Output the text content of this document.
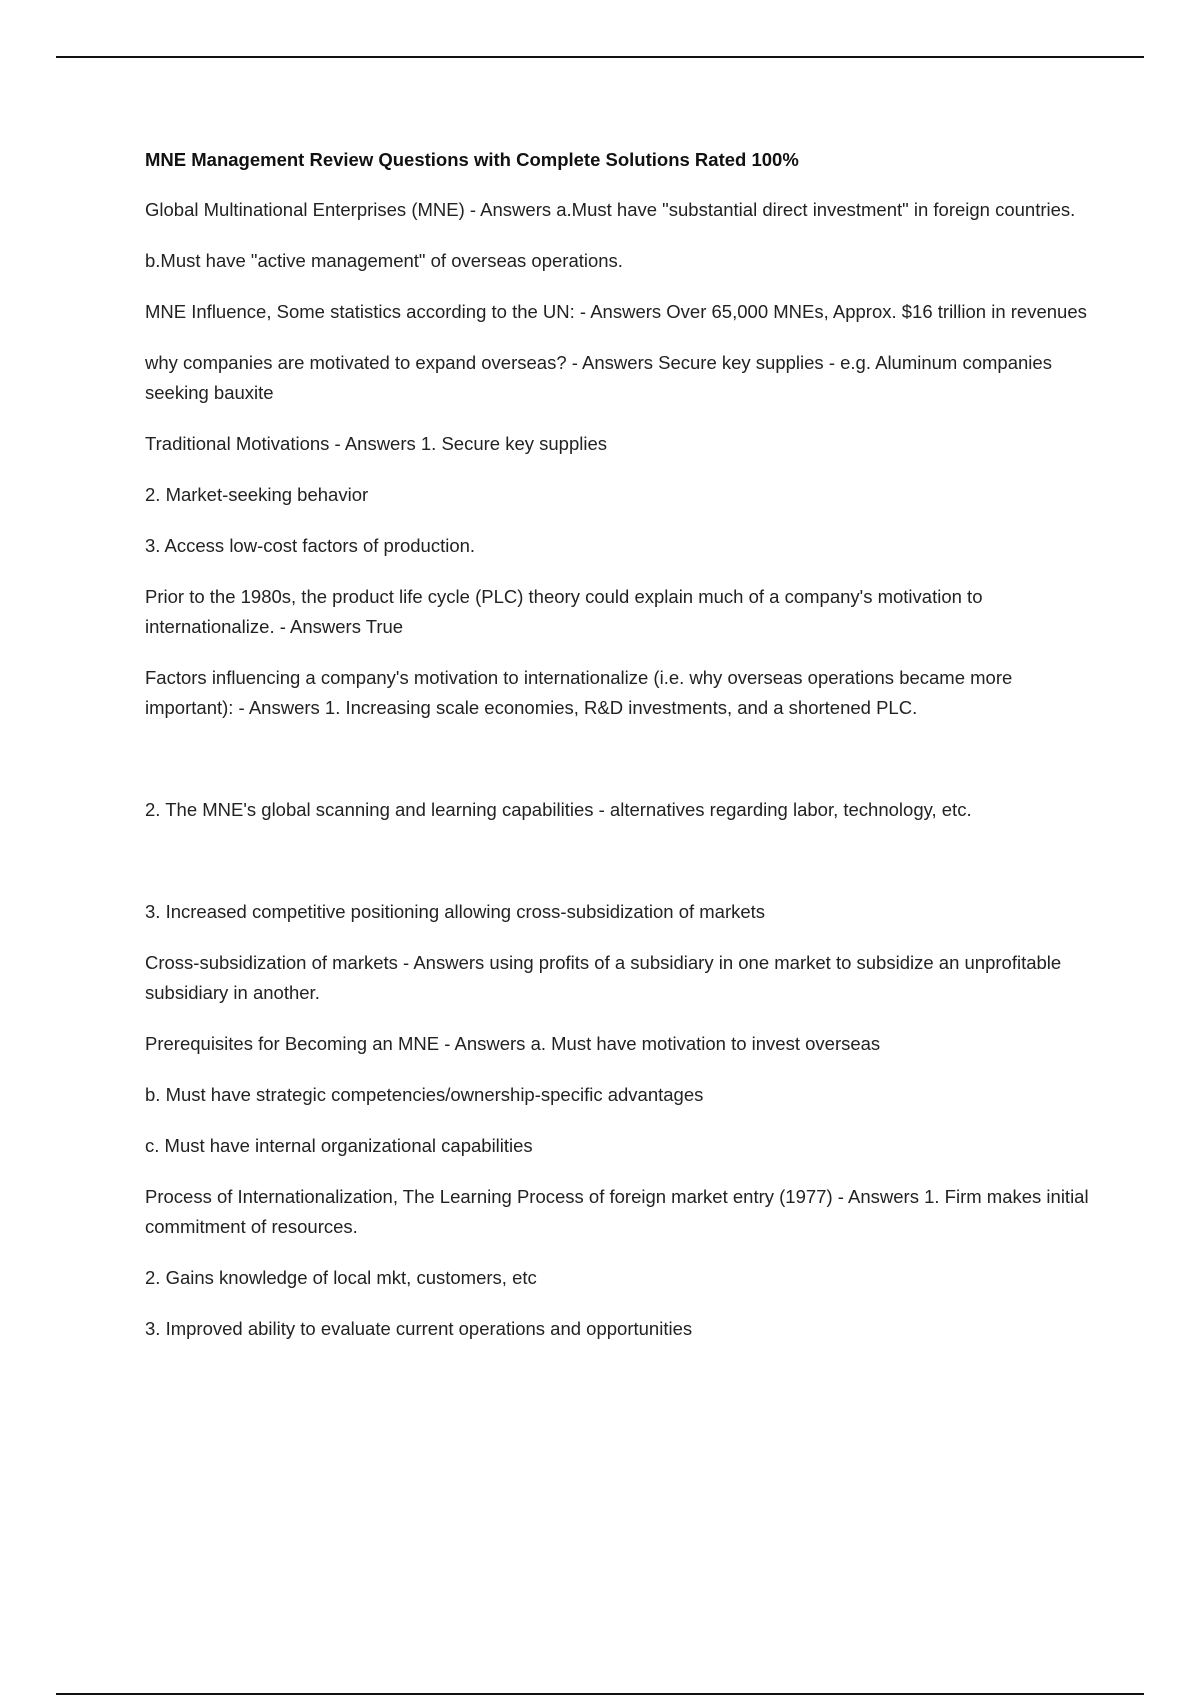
MNE Management Review Questions with Complete Solutions Rated 100%

Global Multinational Enterprises (MNE) - Answers a.Must have "substantial direct investment" in foreign countries.

b.Must have "active management" of overseas operations.

MNE Influence, Some statistics according to the UN: - Answers Over 65,000 MNEs, Approx. $16 trillion in revenues

why companies are motivated to expand overseas? - Answers Secure key supplies - e.g. Aluminum companies seeking bauxite

Traditional Motivations - Answers 1. Secure key supplies

2. Market-seeking behavior

3. Access low-cost factors of production.

Prior to the 1980s, the product life cycle (PLC) theory could explain much of a company's motivation to internationalize. - Answers True

Factors influencing a company's motivation to internationalize (i.e. why overseas operations became more important): - Answers 1. Increasing scale economies, R&D investments, and a shortened PLC.

2. The MNE's global scanning and learning capabilities - alternatives regarding labor, technology, etc.

3. Increased competitive positioning allowing cross-subsidization of markets

Cross-subsidization of markets - Answers using profits of a subsidiary in one market to subsidize an unprofitable subsidiary in another.

Prerequisites for Becoming an MNE - Answers a. Must have motivation to invest overseas

b. Must have strategic competencies/ownership-specific advantages

c. Must have internal organizational capabilities

Process of Internationalization, The Learning Process of foreign market entry (1977) - Answers 1. Firm makes initial commitment of resources.

2. Gains knowledge of local mkt, customers, etc

3. Improved ability to evaluate current operations and opportunities
